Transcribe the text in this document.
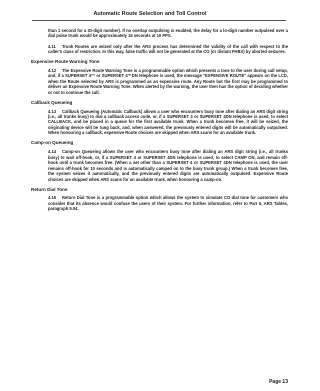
Automatic Route Selection and Toll Control

than 1 second for a IO-digit number). If no overlap outpulsing is enabled, the delay for a lo-digit number outpulsed over a dial pulse trunk would be approximately 16 seconds at 10 PPS.

4.11 Trunk Routes are seized only after the ARS process has determined the validity of the call with respect to the caller's class of restriction. In this way, false traffic will not be generated at the CO (or distant PABX) by aborted seizures.

Expensive Route Warning Tone

4.12 The Expensive Route Warning Tone is a programmable option which presents a tone to the user during call setup, and, if a SUPERSET 4™ or SUPERSET 4™DN telephone is used, the message "EXPENSIVE ROUTE" appears on the LCD, when the Route selected by ARS is programmed as an expensive route. Any Route but the first may be programmed to deliver an Expensive Route Warning Tone. When alerted by the warning, the user then has the option of deciding whether or not to continue the call.

Callback Queueing

4.13 Callback Queueing (Automatic Callback) allows a user who encounters busy tone after dialing an ARS digit string (i.e., all trunks busy) to dial a callback access code, or, if a SUPERSET 4 or SUPERSET 4DN telephone is used, to select CALLBACK, and be placed in a queue for the first available trunk. When a trunk becomes free, it will be seized, the originating device will be rung back, and, when answered, the previously entered digits will be automatically outpulsed. When honouring a callback, expensive Route choices are skipped when ARS scans for an available trunk.

Camp-on Queueing

4.14 Camp-on Queueing allows the user who encounters busy tone after dialing an ARS digit string (i.e., all trunks busy) to wait off-hook, or, if a SUPERSET 4 or SUPERSET 4DN telephone is used, to select CAMP ON, and remain off-hook until a trunk becomes free. (When a set other than a SUPERSET 4 or SUPERSET 4DN telephone is used, the user remains off-hook for 10 seconds and is automatically camped on to the busy trunk group.) When a trunk becomes free, the system seizes it automatically, and the previously entered digits are automatically outpulsed. Expensive Route choices are skipped when ARS scans for an available trunk, when honouring a camp-on.

Return Dial Tone

4.15 Return Dial Tone is a programmable option which allows the system to simulate CO dial tone for customers who consider that its absence would confuse the users of their system. For further information, refer to Part 5, ARS Tables, paragraph 5.04.

Page 13
